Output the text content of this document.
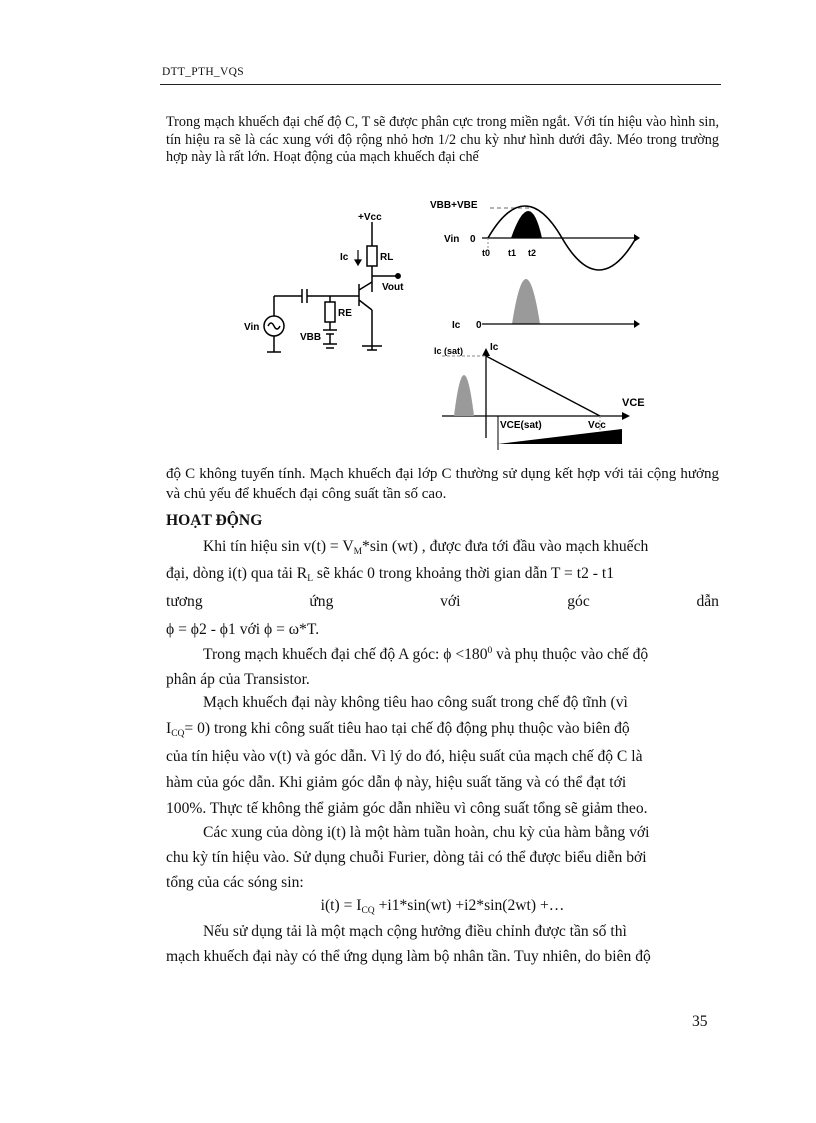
DTT_PTH_VQS
Trong mạch khuếch đại chế độ C, T sẽ được phân cực trong miền ngắt. Với tín hiệu vào hình sin, tín hiệu ra sẽ là các xung với độ rộng nhỏ hơn 1/2 chu kỳ như hình dưới đây. Méo trong trường hợp này là rất lớn. Hoạt động của mạch khuếch đại chế
+Vcc
Ic	RL
Vout
Vin
RE
VBB
VBB+VBE
Vin 0
t0 t1 t2
Ic 0
Ic (sat)	Ic
VCE
VCE(sat)	Vcc
độ C không tuyến tính. Mạch khuếch đại lớp C thường sử dụng kết hợp với tải cộng hưởng và chủ yếu để khuếch đại công suất tần số cao.
HOẠT ĐỘNG
Khi tín hiệu $\sin v(t) = V_M*\sin$ (wt) , được đưa tới đầu vào mạch khuếch
đại, dòng i(t) qua tải $R_L$ sẽ khác 0 trong khoảng thời gian dẫn T = t2 - t1
tương	ứng	với	góc	dẫn
ϕ = ϕ2 - ϕ1 với ϕ = ω*T.
Trong mạch khuếch đại chế độ A góc: $\phi <180^0$ và phụ thuộc vào chế độ
phân áp của Transistor.
Mạch khuếch đại này không tiêu hao công suất trong chế độ tĩnh (vì
$I_{CQ}= 0$) trong khi công suất tiêu hao tại chế độ động phụ thuộc vào biên độ
của tín hiệu vào v(t) và góc dẫn. Vì lý do đó, hiệu suất của mạch chế độ C là
hàm của góc dẫn. Khi giảm góc dẫn ϕ này, hiệu suất tăng và có thể đạt tới
100%. Thực tế không thể giảm góc dẫn nhiều vì công suất tổng sẽ giảm theo.
Các xung của dòng i(t) là một hàm tuần hoàn, chu kỳ của hàm bằng với
chu kỳ tín hiệu vào. Sử dụng chuỗi Furier, dòng tải có thể được biểu diễn bởi
tổng của các sóng sin:
$i(t) = I_{CQ} +i1*\sin(wt) +i2*\sin(2wt)$ +…
Nếu sử dụng tải là một mạch cộng hưởng điều chỉnh được tần số thì
mạch khuếch đại này có thể ứng dụng làm bộ nhân tần. Tuy nhiên, do biên độ
35
